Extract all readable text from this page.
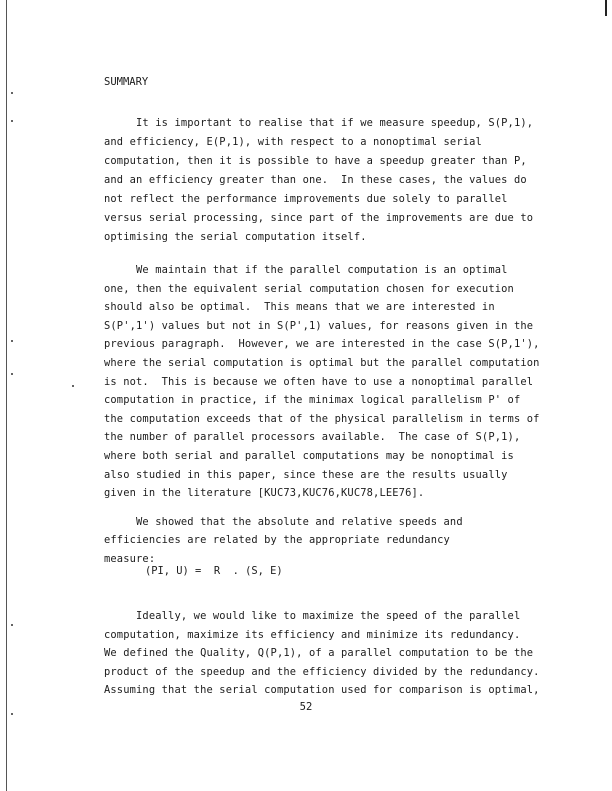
SUMMARY
It is important to realise that if we measure speedup, S(P,1),
and efficiency, E(P,1), with respect to a nonoptimal serial
computation, then it is possible to have a speedup greater than P,
and an efficiency greater than one.  In these cases, the values do
not reflect the performance improvements due solely to parallel
versus serial processing, since part of the improvements are due to
optimising the serial computation itself.
We maintain that if the parallel computation is an optimal
one, then the equivalent serial computation chosen for execution
should also be optimal.  This means that we are interested in
S(P',1') values but not in S(P',1) values, for reasons given in the
previous paragraph.  However, we are interested in the case S(P,1'),
where the serial computation is optimal but the parallel computation
is not.  This is because we often have to use a nonoptimal parallel
computation in practice, if the minimax logical parallelism P' of
the computation exceeds that of the physical parallelism in terms of
the number of parallel processors available.  The case of S(P,1),
where both serial and parallel computations may be nonoptimal is
also studied in this paper, since these are the results usually
given in the literature [KUC73,KUC76,KUC78,LEE76].
We showed that the absolute and relative speeds and
efficiencies are related by the appropriate redundancy
measure:
Ideally, we would like to maximize the speed of the parallel
computation, maximize its efficiency and minimize its redundancy.
We defined the Quality, Q(P,1), of a parallel computation to be the
product of the speedup and the efficiency divided by the redundancy.
Assuming that the serial computation used for comparison is optimal,
(PI, U) =  R  . (S, E)
52
